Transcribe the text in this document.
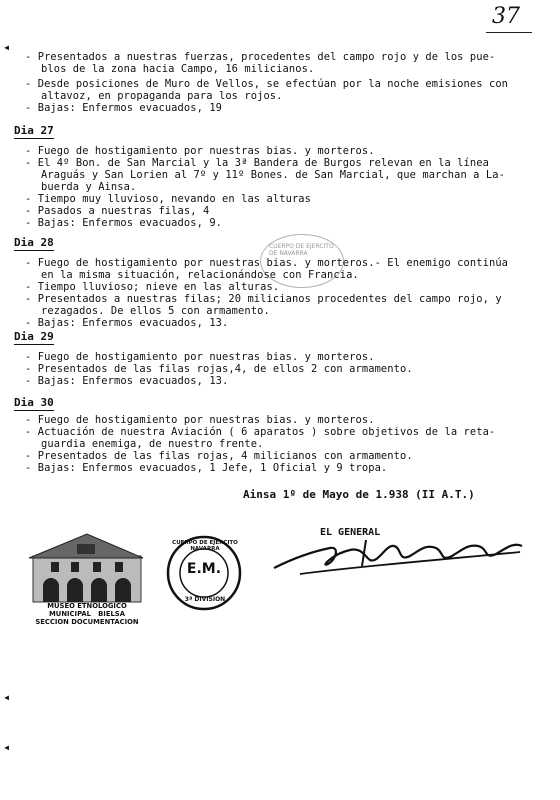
37
◂
◂
◂
- Presentados a nuestras fuerzas, procedentes del campo rojo y de los pue-
blos de la zona hacia Campo, 16 milicianos.
- Desde posiciones de Muro de Vellos, se efectúan por la noche emisiones con
altavoz, en propaganda para los rojos.
- Bajas: Enfermos evacuados, 19
Dia 27
- Fuego de hostigamiento por nuestras bias. y morteros.
- El 4º Bon. de San Marcial y la 3ª Bandera de Burgos relevan en la línea
Araguás y San Lorien al 7º y 11º Bones. de San Marcial, que marchan a La-
buerda y Ainsa.
- Tiempo muy lluvioso, nevando en las alturas
- Pasados a nuestras filas, 4
- Bajas: Enfermos evacuados, 9.
CUERPO DE EJERCITO DE NAVARRA
Dia 28
- Fuego de hostigamiento por nuestras bias. y morteros.- El enemigo continúa
en la misma situación, relacionándose con Francia.
- Tiempo lluvioso; nieve en las alturas.
- Presentados a nuestras filas; 20 milicianos procedentes del campo rojo, y
rezagados. De ellos 5 con armamento.
- Bajas: Enfermos evacuados, 13.
Dia 29
- Fuego de hostigamiento por nuestras bias. y morteros.
- Presentados de las filas rojas,4, de ellos 2 con armamento.
- Bajas: Enfermos evacuados, 13.
Dia 30
- Fuego de hostigamiento por nuestras bias. y morteros.
- Actuación de nuestra Aviación ( 6 aparatos ) sobre objetivos de la reta-
guardia enemiga, de nuestro frente.
- Presentados de las filas rojas, 4 milicianos con armamento.
- Bajas: Enfermos evacuados, 1 Jefe, 1 Oficial y 9 tropa.
Ainsa 1º de Mayo de 1.938 (II A.T.)
EL GENERAL
MUSEO ETNOLOGICO
MUNICIPAL   BIELSA
SECCION DOCUMENTACION
CUERPO DE EJERCITO NAVARRA
E.M.
3ª DIVISION
